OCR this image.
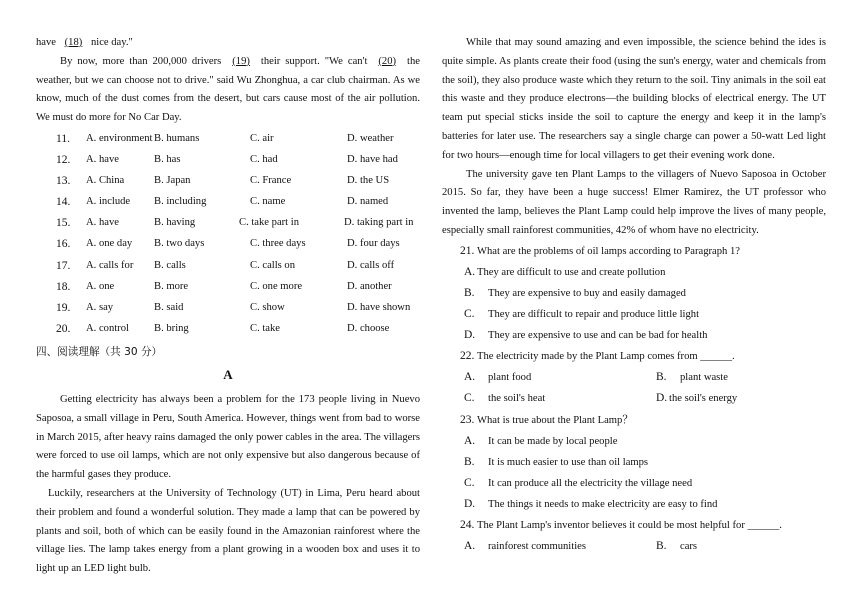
have (18) nice day."

By now, more than 200,000 drivers (19) their support. "We can't (20) the weather, but we can choose not to drive." said Wu Zhonghua, a car club chairman. As we know, much of the dust comes from the desert, but cars cause most of the air pollution. We must do more for No Car Day.

11. A. environment B. humans	C. air	D. weather
12. A. have	B. has	C. had	D. have had
13. A. China	B. Japan	C. France	D. the US
14. A. include B. including	C. name	D. named
15. A. have	B. having	C. take part in	D. taking part in
16. A. one day B. two days	C. three days	D. four days
17. A. calls for B. calls	C. calls on	D. calls off
18. A. one	B. more	C. one more	D. another
19. A. say	B. said	C. show	D. have shown
20. A. control B. bring	C. take	D. choose
四、阅读理解（共 30 分）
A

Getting electricity has always been a problem for the 173 people living in Nuevo Saposoa, a small village in Peru, South America. However, things went from bad to worse in March 2015, after heavy rains damaged the only power cables in the area. The villagers were forced to use oil lamps, which are not only expensive but also dangerous because of the harmful gases they produce.

Luckily, researchers at the University of Technology (UT) in Lima, Peru heard about their problem and found a wonderful solution. They made a lamp that can be powered by plants and soil, both of which can be easily found in the Amazonian rainforest where the village lies. The lamp takes energy from a plant growing in a wooden box and uses it to light up an LED light bulb.

While that may sound amazing and even impossible, the science behind the ides is quite simple. As plants create their food (using the sun's energy, water and chemicals from the soil), they also produce waste which they return to the soil. Tiny animals in the soil eat this waste and they produce electrons—the building blocks of electrical energy. The UT team put special sticks inside the soil to capture the energy and keep it in the lamp's batteries for later use. The researchers say a single charge can power a 50-watt Led light for two hours—enough time for local villagers to get their evening work done.

The university gave ten Plant Lamps to the villagers of Nuevo Saposoa in October 2015. So far, they have been a huge success! Elmer Ramirez, the UT professor who invented the lamp, believes the Plant Lamp could help improve the lives of many people, especially small rainforest communities, 42% of whom have no electricity.

21. What are the problems of oil lamps according to Paragraph 1?
A. They are difficult to use and create pollution
B. They are expensive to buy and easily damaged
C. They are difficult to repair and produce little light
D. They are expensive to use and can be bad for health
22. The electricity made by the Plant Lamp comes from ______.
A. plant food	B. plant waste
C. the soil's heat	D. the soil's energy
23. What is true about the Plant Lamp？
A. It can be made by local people
B. It is much easier to use than oil lamps
C. It can produce all the electricity the village need
D. The things it needs to make electricity are easy to find
24. The Plant Lamp's inventor believes it could be most helpful for ______.
A. rainforest communities	B. cars
